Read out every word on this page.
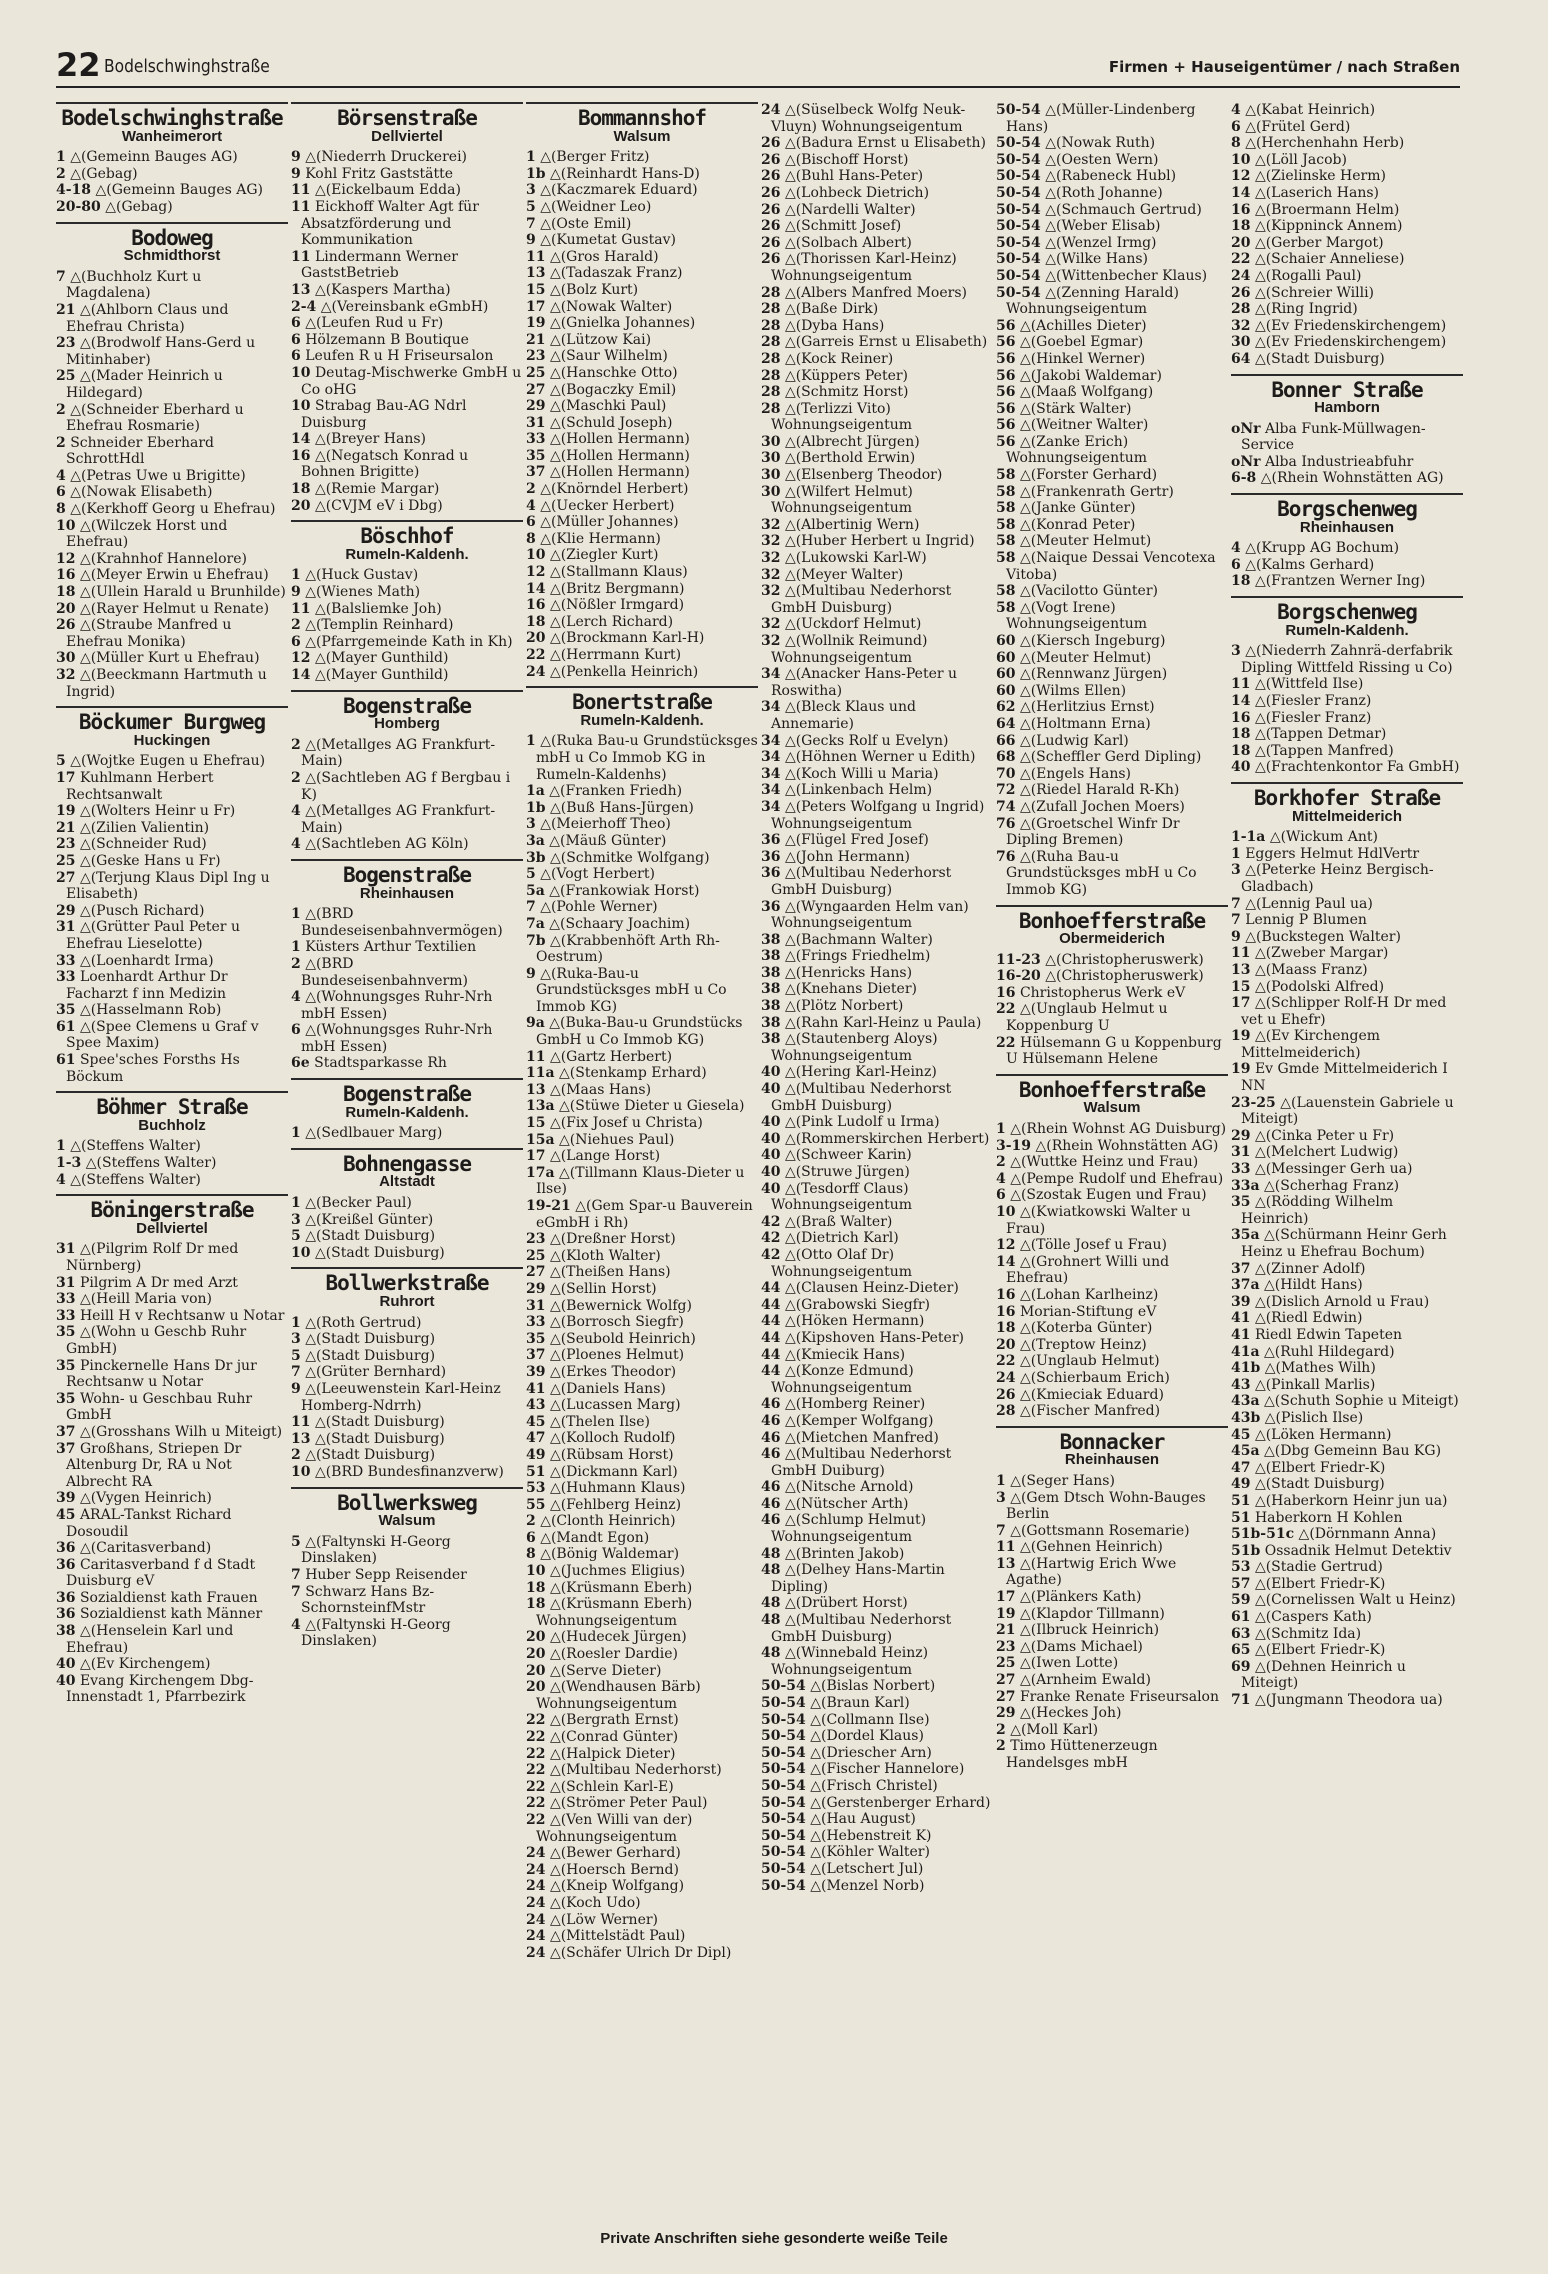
22 Bodelschwinghstraße	Firmen + Hauseigentümer / nach Straßen
Bodelschwinghstraße
Wanheimerort
1 △(Gemeinn Bauges AG)
2 △(Gebag)
4-18 △(Gemeinn Bauges AG)
20-80 △(Gebag)
Bodoweg
Schmidthorst
7 △(Buchholz Kurt u Magdalena)
21 △(Ahlborn Claus und Ehefrau Christa)
23 △(Brodwolf Hans-Gerd u Mitinhaber)
25 △(Mader Heinrich u Hildegard)
2 △(Schneider Eberhard u Ehefrau Rosmarie)
2 Schneider Eberhard SchrottHdl
4 △(Petras Uwe u Brigitte)
6 △(Nowak Elisabeth)
8 △(Kerkhoff Georg u Ehefrau)
10 △(Wilczek Horst und Ehefrau)
12 △(Krahnhof Hannelore)
16 △(Meyer Erwin u Ehefrau)
18 △(Ullein Harald u Brunhilde)
20 △(Rayer Helmut u Renate)
26 △(Straube Manfred u Ehefrau Monika)
30 △(Müller Kurt u Ehefrau)
32 △(Beeckmann Hartmuth u Ingrid)
Böckumer Burgweg
Huckingen
5 △(Wojtke Eugen u Ehefrau)
17 Kuhlmann Herbert Rechtsanwalt
19 △(Wolters Heinr u Fr)
21 △(Zilien Valientin)
23 △(Schneider Rud)
25 △(Geske Hans u Fr)
27 △(Terjung Klaus Dipl Ing u Elisabeth)
29 △(Pusch Richard)
31 △(Grütter Paul Peter u Ehefrau Lieselotte)
33 △(Loenhardt Irma)
33 Loenhardt Arthur Dr Facharzt f inn Medizin
35 △(Hasselmann Rob)
61 △(Spee Clemens u Graf v Spee Maxim)
61 Spee'sches Forsths Hs Böckum
Böhmer Straße
Buchholz
1 △(Steffens Walter)
1-3 △(Steffens Walter)
4 △(Steffens Walter)
Böningerstraße
Dellviertel
31 △(Pilgrim Rolf Dr med Nürnberg)
31 Pilgrim A Dr med Arzt
33 △(Heill Maria von)
33 Heill H v Rechtsanw u Notar
35 △(Wohn u Geschb Ruhr GmbH)
35 Pinckernelle Hans Dr jur Rechtsanw u Notar
35 Wohn- u Geschbau Ruhr GmbH
37 △(Grosshans Wilh u Miteigt)
37 Großhans, Striepen Dr Altenburg Dr, RA u Not Albrecht RA
39 △(Vygen Heinrich)
45 ARAL-Tankst Richard Dosoudil
36 △(Caritasverband)
36 Caritasverband f d Stadt Duisburg eV
36 Sozialdienst kath Frauen
36 Sozialdienst kath Männer
38 △(Henselein Karl und Ehefrau)
40 △(Ev Kirchengem)
40 Evang Kirchengem Dbg-Innenstadt 1, Pfarrbezirk
Börsenstraße
Dellviertel
9 △(Niederrh Druckerei)
9 Kohl Fritz Gaststätte
11 △(Eickelbaum Edda)
11 Eickhoff Walter Agt für Absatzförderung und Kommunikation
11 Lindermann Werner GaststBetrieb
13 △(Kaspers Martha)
2-4 △(Vereinsbank eGmbH)
6 △(Leufen Rud u Fr)
6 Hölzemann B Boutique
6 Leufen R u H Friseursalon
10 Deutag-Mischwerke GmbH u Co oHG
10 Strabag Bau-AG Ndrl Duisburg
14 △(Breyer Hans)
16 △(Negatsch Konrad u Bohnen Brigitte)
18 △(Remie Margar)
20 △(CVJM eV i Dbg)
Böschhof
Rumeln-Kaldenh.
1 △(Huck Gustav)
9 △(Wienes Math)
11 △(Balsliemke Joh)
2 △(Templin Reinhard)
6 △(Pfarrgemeinde Kath in Kh)
12 △(Mayer Gunthild)
14 △(Mayer Gunthild)
Bogenstraße
Homberg
2 △(Metallges AG Frankfurt-Main)
2 △(Sachtleben AG f Bergbau i K)
4 △(Metallges AG Frankfurt-Main)
4 △(Sachtleben AG Köln)
Bogenstraße
Rheinhausen
1 △(BRD Bundeseisenbahnvermögen)
1 Küsters Arthur Textilien
2 △(BRD Bundeseisenbahnverm)
4 △(Wohnungsges Ruhr-Nrh mbH Essen)
6 △(Wohnungsges Ruhr-Nrh mbH Essen)
6e Stadtsparkasse Rh
Bogenstraße
Rumeln-Kaldenh.
1 △(Sedlbauer Marg)
Bohnengasse
Altstadt
1 △(Becker Paul)
3 △(Kreißel Günter)
5 △(Stadt Duisburg)
10 △(Stadt Duisburg)
Bollwerkstraße
Ruhrort
1 △(Roth Gertrud)
3 △(Stadt Duisburg)
5 △(Stadt Duisburg)
7 △(Grüter Bernhard)
9 △(Leeuwenstein Karl-Heinz Homberg-Ndrrh)
11 △(Stadt Duisburg)
13 △(Stadt Duisburg)
2 △(Stadt Duisburg)
10 △(BRD Bundesfinanzverw)
Bollwerksweg
Walsum
5 △(Faltynski H-Georg Dinslaken)
7 Huber Sepp Reisender
7 Schwarz Hans Bz-SchornsteinfMstr
4 △(Faltynski H-Georg Dinslaken)
Bommannshof
Walsum
1 △(Berger Fritz)
1b △(Reinhardt Hans-D)
3 △(Kaczmarek Eduard)
5 △(Weidner Leo)
7 △(Oste Emil)
9 △(Kumetat Gustav)
11 △(Gros Harald)
13 △(Tadaszak Franz)
15 △(Bolz Kurt)
17 △(Nowak Walter)
19 △(Gnielka Johannes)
21 △(Lützow Kai)
23 △(Saur Wilhelm)
25 △(Hanschke Otto)
27 △(Bogaczky Emil)
29 △(Maschki Paul)
31 △(Schuld Joseph)
33 △(Hollen Hermann)
35 △(Hollen Hermann)
37 △(Hollen Hermann)
2 △(Knörndel Herbert)
4 △(Uecker Herbert)
6 △(Müller Johannes)
8 △(Klie Hermann)
10 △(Ziegler Kurt)
12 △(Stallmann Klaus)
14 △(Britz Bergmann)
16 △(Nößler Irmgard)
18 △(Lerch Richard)
20 △(Brockmann Karl-H)
22 △(Herrmann Kurt)
24 △(Penkella Heinrich)
Bonertstraße
Rumeln-Kaldenh.
1 △(Ruka Bau-u Grundstücksges mbH u Co Immob KG in Rumeln-Kaldenhs)
1a △(Franken Friedh)
1b △(Buß Hans-Jürgen)
3 △(Meierhoff Theo)
3a △(Mäuß Günter)
3b △(Schmitke Wolfgang)
5 △(Vogt Herbert)
5a △(Frankowiak Horst)
7 △(Pohle Werner)
7a △(Schaary Joachim)
7b △(Krabbenhöft Arth Rh-Oestrum)
9 △(Ruka-Bau-u Grundstücksges mbH u Co Immob KG)
9a △(Buka-Bau-u Grundstücks GmbH u Co Immob KG)
11 △(Gartz Herbert)
11a △(Stenkamp Erhard)
13 △(Maas Hans)
13a △(Stüwe Dieter u Giesela)
15 △(Fix Josef u Christa)
15a △(Niehues Paul)
17 △(Lange Horst)
17a △(Tillmann Klaus-Dieter u Ilse)
19-21 △(Gem Spar-u Bauverein eGmbH i Rh)
23 △(Dreßner Horst)
25 △(Kloth Walter)
27 △(Theißen Hans)
29 △(Sellin Horst)
31 △(Bewernick Wolfg)
33 △(Borrosch Siegfr)
35 △(Seubold Heinrich)
37 △(Ploenes Helmut)
39 △(Erkes Theodor)
41 △(Daniels Hans)
43 △(Lucassen Marg)
45 △(Thelen Ilse)
47 △(Kolloch Rudolf)
49 △(Rübsam Horst)
51 △(Dickmann Karl)
53 △(Huhmann Klaus)
55 △(Fehlberg Heinz)
2 △(Clonth Heinrich)
6 △(Mandt Egon)
8 △(Bönig Waldemar)
10 △(Juchmes Eligius)
18 △(Krüsmann Eberh)
18 △(Krüsmann Eberh) Wohnungseigentum
20 △(Hudecek Jürgen)
20 △(Roesler Dardie)
20 △(Serve Dieter)
20 △(Wendhausen Bärb) Wohnungseigentum
22 △(Bergrath Ernst)
22 △(Conrad Günter)
22 △(Halpick Dieter)
22 △(Multibau Nederhorst)
22 △(Schlein Karl-E)
22 △(Strömer Peter Paul)
22 △(Ven Willi van der) Wohnungseigentum
24 △(Bewer Gerhard)
24 △(Hoersch Bernd)
24 △(Kneip Wolfgang)
24 △(Koch Udo)
24 △(Löw Werner)
24 △(Mittelstädt Paul)
24 △(Schäfer Ulrich Dr Dipl)
24 △(Süselbeck Wolfg Neuk-Vluyn) Wohnungseigentum
26 △(Badura Ernst u Elisabeth)
26 △(Bischoff Horst)
26 △(Buhl Hans-Peter)
26 △(Lohbeck Dietrich)
26 △(Nardelli Walter)
26 △(Schmitt Josef)
26 △(Solbach Albert)
26 △(Thorissen Karl-Heinz) Wohnungseigentum
28 △(Albers Manfred Moers)
28 △(Baße Dirk)
28 △(Dyba Hans)
28 △(Garreis Ernst u Elisabeth)
28 △(Kock Reiner)
28 △(Küppers Peter)
28 △(Schmitz Horst)
28 △(Terlizzi Vito) Wohnungseigentum
30 △(Albrecht Jürgen)
30 △(Berthold Erwin)
30 △(Elsenberg Theodor)
30 △(Wilfert Helmut) Wohnungseigentum
32 △(Albertinig Wern)
32 △(Huber Herbert u Ingrid)
32 △(Lukowski Karl-W)
32 △(Meyer Walter)
32 △(Multibau Nederhorst GmbH Duisburg)
32 △(Uckdorf Helmut)
32 △(Wollnik Reimund) Wohnungseigentum
34 △(Anacker Hans-Peter u Roswitha)
34 △(Bleck Klaus und Annemarie)
34 △(Gecks Rolf u Evelyn)
34 △(Höhnen Werner u Edith)
34 △(Koch Willi u Maria)
34 △(Linkenbach Helm)
34 △(Peters Wolfgang u Ingrid) Wohnungseigentum
36 △(Flügel Fred Josef)
36 △(John Hermann)
36 △(Multibau Nederhorst GmbH Duisburg)
36 △(Wyngaarden Helm van) Wohnungseigentum
38 △(Bachmann Walter)
38 △(Frings Friedhelm)
38 △(Henricks Hans)
38 △(Knehans Dieter)
38 △(Plötz Norbert)
38 △(Rahn Karl-Heinz u Paula)
38 △(Stautenberg Aloys) Wohnungseigentum
40 △(Hering Karl-Heinz)
40 △(Multibau Nederhorst GmbH Duisburg)
40 △(Pink Ludolf u Irma)
40 △(Rommerskirchen Herbert)
40 △(Schweer Karin)
40 △(Struwe Jürgen)
40 △(Tesdorff Claus) Wohnungseigentum
42 △(Braß Walter)
42 △(Dietrich Karl)
42 △(Otto Olaf Dr) Wohnungseigentum
44 △(Clausen Heinz-Dieter)
44 △(Grabowski Siegfr)
44 △(Höken Hermann)
44 △(Kipshoven Hans-Peter)
44 △(Kmiecik Hans)
44 △(Konze Edmund) Wohnungseigentum
46 △(Homberg Reiner)
46 △(Kemper Wolfgang)
46 △(Mietchen Manfred)
46 △(Multibau Nederhorst GmbH Duiburg)
46 △(Nitsche Arnold)
46 △(Nütscher Arth)
46 △(Schlump Helmut) Wohnungseigentum
48 △(Brinten Jakob)
48 △(Delhey Hans-Martin Dipling)
48 △(Drübert Horst)
48 △(Multibau Nederhorst GmbH Duisburg)
48 △(Winnebald Heinz) Wohnungseigentum
50-54 △(Bislas Norbert)
50-54 △(Braun Karl)
50-54 △(Collmann Ilse)
50-54 △(Dordel Klaus)
50-54 △(Driescher Arn)
50-54 △(Fischer Hannelore)
50-54 △(Frisch Christel)
50-54 △(Gerstenberger Erhard)
50-54 △(Hau August)
50-54 △(Hebenstreit K)
50-54 △(Köhler Walter)
50-54 △(Letschert Jul)
50-54 △(Menzel Norb)
50-54 △(Müller-Lindenberg Hans)
50-54 △(Nowak Ruth)
50-54 △(Oesten Wern)
50-54 △(Rabeneck Hubl)
50-54 △(Roth Johanne)
50-54 △(Schmauch Gertrud)
50-54 △(Weber Elisab)
50-54 △(Wenzel Irmg)
50-54 △(Wilke Hans)
50-54 △(Wittenbecher Klaus)
50-54 △(Zenning Harald) Wohnungseigentum
56 △(Achilles Dieter)
56 △(Goebel Egmar)
56 △(Hinkel Werner)
56 △(Jakobi Waldemar)
56 △(Maaß Wolfgang)
56 △(Stärk Walter)
56 △(Weitner Walter)
56 △(Zanke Erich) Wohnungseigentum
58 △(Forster Gerhard)
58 △(Frankenrath Gertr)
58 △(Janke Günter)
58 △(Konrad Peter)
58 △(Meuter Helmut)
58 △(Naique Dessai Vencotexa Vitoba)
58 △(Vacilotto Günter)
58 △(Vogt Irene) Wohnungseigentum
60 △(Kiersch Ingeburg)
60 △(Meuter Helmut)
60 △(Rennwanz Jürgen)
60 △(Wilms Ellen)
62 △(Herlitzius Ernst)
64 △(Holtmann Erna)
66 △(Ludwig Karl)
68 △(Scheffler Gerd Dipling)
70 △(Engels Hans)
72 △(Riedel Harald R-Kh)
74 △(Zufall Jochen Moers)
76 △(Groetschel Winfr Dr Dipling Bremen)
76 △(Ruha Bau-u Grundstücksges mbH u Co Immob KG)
Bonhoefferstraße
Obermeiderich
11-23 △(Christopheruswerk)
16-20 △(Christopheruswerk)
16 Christopherus Werk eV
22 △(Unglaub Helmut u Koppenburg U
22 Hülsemann G u Koppenburg U Hülsemann Helene
Bonhoefferstraße
Walsum
1 △(Rhein Wohnst AG Duisburg)
3-19 △(Rhein Wohnstätten AG)
2 △(Wuttke Heinz und Frau)
4 △(Pempe Rudolf und Ehefrau)
6 △(Szostak Eugen und Frau)
10 △(Kwiatkowski Walter u Frau)
12 △(Tölle Josef u Frau)
14 △(Grohnert Willi und Ehefrau)
16 △(Lohan Karlheinz)
16 Morian-Stiftung eV
18 △(Koterba Günter)
20 △(Treptow Heinz)
22 △(Unglaub Helmut)
24 △(Schierbaum Erich)
26 △(Kmieciak Eduard)
28 △(Fischer Manfred)
Bonnacker
Rheinhausen
1 △(Seger Hans)
3 △(Gem Dtsch Wohn-Bauges Berlin
7 △(Gottsmann Rosemarie)
11 △(Gehnen Heinrich)
13 △(Hartwig Erich Wwe Agathe)
17 △(Plänkers Kath)
19 △(Klapdor Tillmann)
21 △(Ilbruck Heinrich)
23 △(Dams Michael)
25 △(Iwen Lotte)
27 △(Arnheim Ewald)
27 Franke Renate Friseursalon
29 △(Heckes Joh)
2 △(Moll Karl)
2 Timo Hüttenerzeugn Handelsges mbH
4 △(Kabat Heinrich)
6 △(Frütel Gerd)
8 △(Herchenhahn Herb)
10 △(Löll Jacob)
12 △(Zielinske Herm)
14 △(Laserich Hans)
16 △(Broermann Helm)
18 △(Kippninck Annem)
20 △(Gerber Margot)
22 △(Schaier Anneliese)
24 △(Rogalli Paul)
26 △(Schreier Willi)
28 △(Ring Ingrid)
32 △(Ev Friedenskirchengem)
30 △(Ev Friedenskirchengem)
64 △(Stadt Duisburg)
Bonner Straße
Hamborn
oNr Alba Funk-Müllwagen-Service
oNr Alba Industrieabfuhr
6-8 △(Rhein Wohnstätten AG)
Borgschenweg
Rheinhausen
4 △(Krupp AG Bochum)
6 △(Kalms Gerhard)
18 △(Frantzen Werner Ing)
Borgschenweg
Rumeln-Kaldenh.
3 △(Niederrh Zahnrä-derfabrik Dipling Wittfeld Rissing u Co)
11 △(Wittfeld Ilse)
14 △(Fiesler Franz)
16 △(Fiesler Franz)
18 △(Tappen Detmar)
18 △(Tappen Manfred)
40 △(Frachtenkontor Fa GmbH)
Borkhofer Straße
Mittelmeiderich
1-1a △(Wickum Ant)
1 Eggers Helmut HdlVertr
3 △(Peterke Heinz Bergisch-Gladbach)
7 △(Lennig Paul ua)
7 Lennig P Blumen
9 △(Buckstegen Walter)
11 △(Zweber Margar)
13 △(Maass Franz)
15 △(Podolski Alfred)
17 △(Schlipper Rolf-H Dr med vet u Ehefr)
19 △(Ev Kirchengem Mittelmeiderich)
19 Ev Gmde Mittelmeiderich I NN
23-25 △(Lauenstein Gabriele u Miteigt)
29 △(Cinka Peter u Fr)
31 △(Melchert Ludwig)
33 △(Messinger Gerh ua)
33a △(Scherhag Franz)
35 △(Rödding Wilhelm Heinrich)
35a △(Schürmann Heinr Gerh Heinz u Ehefrau Bochum)
37 △(Zinner Adolf)
37a △(Hildt Hans)
39 △(Dislich Arnold u Frau)
41 △(Riedl Edwin)
41 Riedl Edwin Tapeten
41a △(Ruhl Hildegard)
41b △(Mathes Wilh)
43 △(Pinkall Marlis)
43a △(Schuth Sophie u Miteigt)
43b △(Pislich Ilse)
45 △(Löken Hermann)
45a △(Dbg Gemeinn Bau KG)
47 △(Elbert Friedr-K)
49 △(Stadt Duisburg)
51 △(Haberkorn Heinr jun ua)
51 Haberkorn H Kohlen
51b-51c △(Dörnmann Anna)
51b Ossadnik Helmut Detektiv
53 △(Stadie Gertrud)
57 △(Elbert Friedr-K)
59 △(Cornelissen Walt u Heinz)
61 △(Caspers Kath)
63 △(Schmitz Ida)
65 △(Elbert Friedr-K)
69 △(Dehnen Heinrich u Miteigt)
71 △(Jungmann Theodora ua)
Private Anschriften siehe gesonderte weiße Teile
